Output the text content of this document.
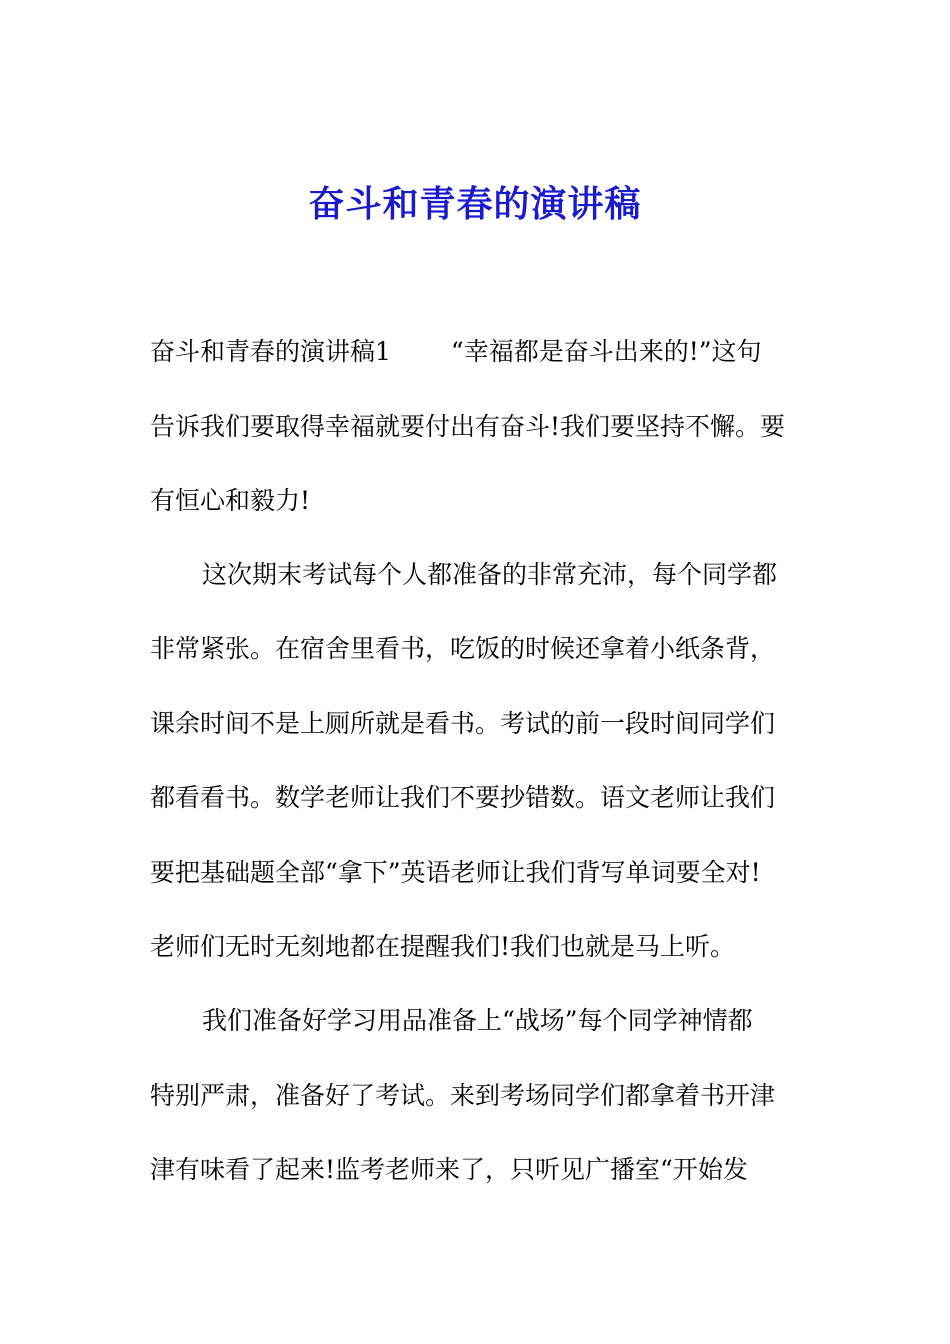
奋斗和青春的演讲稿
奋斗和青春的演讲稿1 “幸福都是奋斗出来的!”这句
告诉我们要取得幸福就要付出有奋斗!我们要坚持不懈。要
有恒心和毅力!
这次期末考试每个人都准备的非常充沛，每个同学都
非常紧张。在宿舍里看书，吃饭的时候还拿着小纸条背，
课余时间不是上厕所就是看书。考试的前一段时间同学们
都看看书。数学老师让我们不要抄错数。语文老师让我们
要把基础题全部“拿下”英语老师让我们背写单词要全对!
老师们无时无刻地都在提醒我们!我们也就是马上听。
我们准备好学习用品准备上“战场”每个同学神情都
特别严肃，准备好了考试。来到考场同学们都拿着书开津
津有味看了起来!监考老师来了，只听见广播室“开始发
